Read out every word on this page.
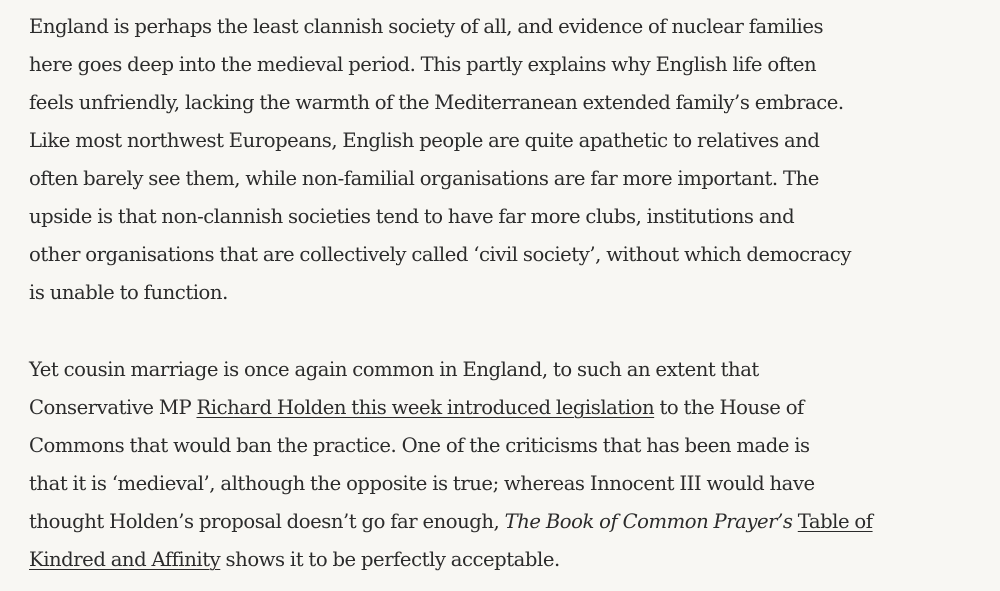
England is perhaps the least clannish society of all, and evidence of nuclear families
here goes deep into the medieval period. This partly explains why English life often
feels unfriendly, lacking the warmth of the Mediterranean extended family’s embrace.
Like most northwest Europeans, English people are quite apathetic to relatives and
often barely see them, while non-familial organisations are far more important. The
upside is that non-clannish societies tend to have far more clubs, institutions and
other organisations that are collectively called ‘civil society’, without which democracy
is unable to function.
Yet cousin marriage is once again common in England, to such an extent that
Conservative MP Richard Holden this week introduced legislation to the House of
Commons that would ban the practice. One of the criticisms that has been made is
that it is ‘medieval’, although the opposite is true; whereas Innocent III would have
thought Holden’s proposal doesn’t go far enough, The Book of Common Prayer’s Table of
Kindred and Affinity shows it to be perfectly acceptable.
